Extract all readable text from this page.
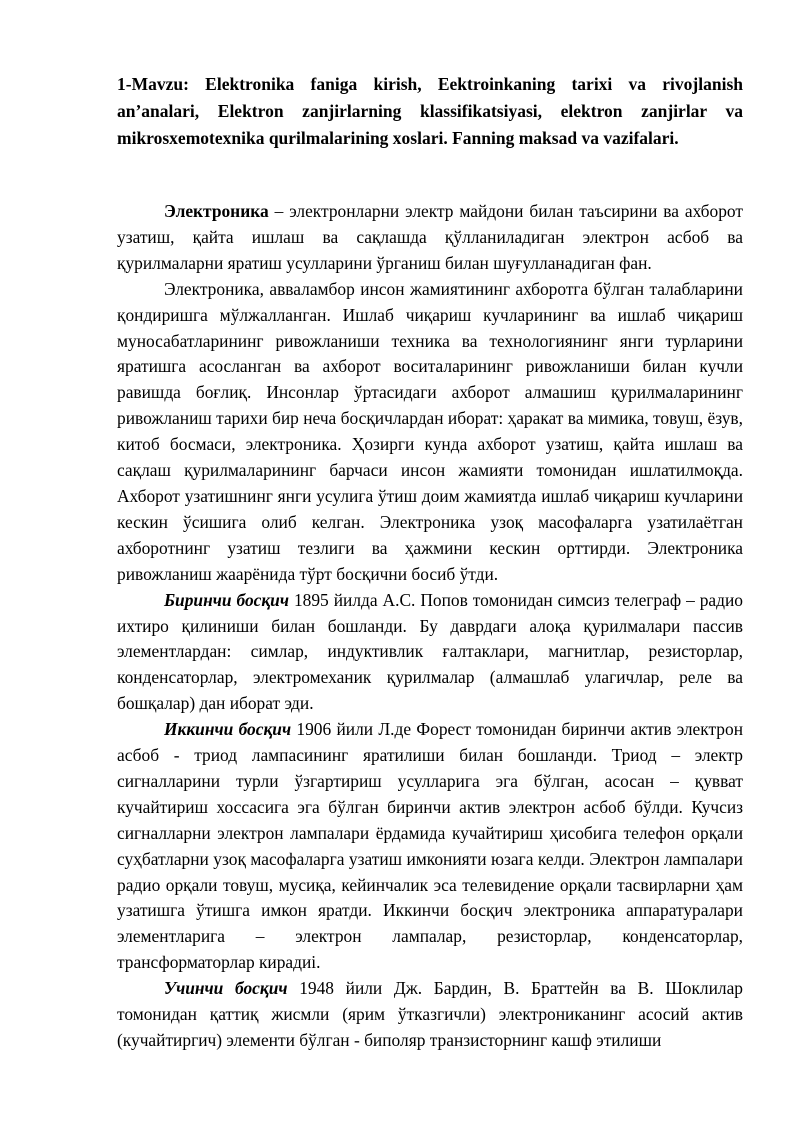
1-Mavzu: Elektronika faniga kirish, Eektroinkaning tarixi va rivojlanish an’analari, Elektron zanjirlarning klassifikatsiyasi, elektron zanjirlar va mikrosxemotexnika qurilmalarining xoslari. Fanning maksad va vazifalari.

Электроника – электронларни электр майдони билан таъсирини ва ахборот узатиш, қайта ишлаш ва сақлашда қўлланиладиган электрон асбоб ва қурилмаларни яратиш усулларини ўрганиш билан шуғулланадиган фан.

Электроника, авваламбор инсон жамиятининг ахборотга бўлган талабларини қондиришга мўлжалланган. Ишлаб чиқариш кучларининг ва ишлаб чиқариш муносабатларининг ривожланиши техника ва технологиянинг янги турларини яратишга асосланган ва ахборот воситаларининг ривожланиши билан кучли равишда боғлиқ. Инсонлар ўртасидаги ахборот алмашиш қурилмаларининг ривожланиш тарихи бир неча босқичлардан иборат: ҳаракат ва мимика, товуш, ёзув, китоб босмаси, электроника. Ҳозирги кунда ахборот узатиш, қайта ишлаш ва сақлаш қурилмаларининг барчаси инсон жамияти томонидан ишлатилмоқда. Ахборот узатишнинг янги усулига ўтиш доим жамиятда ишлаб чиқариш кучларини кескин ўсишига олиб келган. Электроника узоқ масофаларга узатилаётган ахборотнинг узатиш тезлиги ва ҳажмини кескин орттирди. Электроника ривожланиш жаарёнида тўрт босқични босиб ўтди.

Биринчи босқич 1895 йилда А.С. Попов томонидан симсиз телеграф – радио ихтиро қилиниши билан бошланди. Бу даврдаги алоқа қурилмалари пассив элементлардан: симлар, индуктивлик ғалтаклари, магнитлар, резисторлар, конденсаторлар, электромеханик қурилмалар (алмашлаб улагичлар, реле ва бошқалар) дан иборат эди.

Иккинчи босқич 1906 йили Л.де Форест томонидан биринчи актив электрон асбоб - триод лампасининг яратилиши билан бошланди. Триод – электр сигналларини турли ўзгартириш усулларига эга бўлган, асосан – қувват кучайтириш хоссасига эга бўлган биринчи актив электрон асбоб бўлди. Кучсиз сигналларни электрон лампалари ёрдамида кучайтириш ҳисобига телефон орқали суҳбатларни узоқ масофаларга узатиш имконияти юзага келди. Электрон лампалари радио орқали товуш, мусиқа, кейинчалик эса телевидение орқали тасвирларни ҳам узатишга ўтишга имкон яратди. Иккинчи босқич электроника аппаратуралари элементларига – электрон лампалар, резисторлар, конденсаторлар, трансформаторлар кирадиi.

Учинчи босқич 1948 йили Дж. Бардин, В. Браттейн ва В. Шоклилар томонидан қаттиқ жисмли (ярим ўтказгичли) электрониканинг асосий актив (кучайтиргич) элементи бўлган - биполяр транзисторнинг кашф этилиши
